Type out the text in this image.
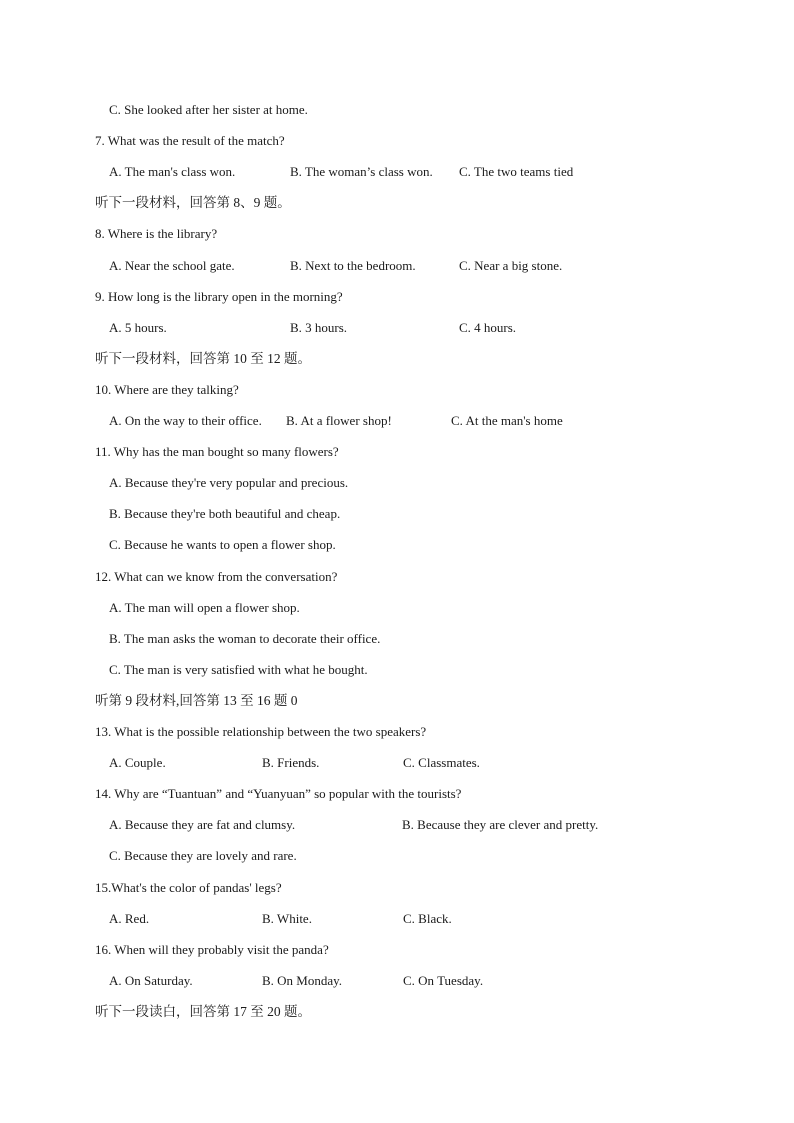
C. She looked after her sister at home.
7. What was the result of the match?
A. The man's class won.	B. The woman’s class won. C. The two teams tied
听下一段材料，回答第 8、9 题。
8. Where is the library?
A. Near the school gate.	B. Next to the bedroom.	C. Near a big stone.
9. How long is the library open in the morning?
A. 5 hours.	B. 3 hours.	C. 4 hours.
听下一段材料，回答第 10 至 12 题。
10. Where are they talking?
A. On the way to their office. B. At a flower shop!	C. At the man's home
11. Why has the man bought so many flowers?
A. Because they're very popular and precious.
B. Because they're both beautiful and cheap.
C. Because he wants to open a flower shop.
12. What can we know from the conversation?
A. The man will open a flower shop.
B. The man asks the woman to decorate their office.
C. The man is very satisfied with what he bought.
听第 9 段材料,回答第 13 至 16 题 0
13. What is the possible relationship between the two speakers?
A. Couple.	B. Friends.	C. Classmates.
14. Why are “Tuantuan” and “Yuanyuan” so popular with the tourists?
A. Because they are fat and clumsy.	B. Because they are clever and pretty.
C. Because they are lovely and rare.
15.What's the color of pandas' legs?
A. Red.	B. White.	C. Black.
16. When will they probably visit the panda?
A. On Saturday.	B. On Monday.	C. On Tuesday.
听下一段读白，回答第 17 至 20 题。
